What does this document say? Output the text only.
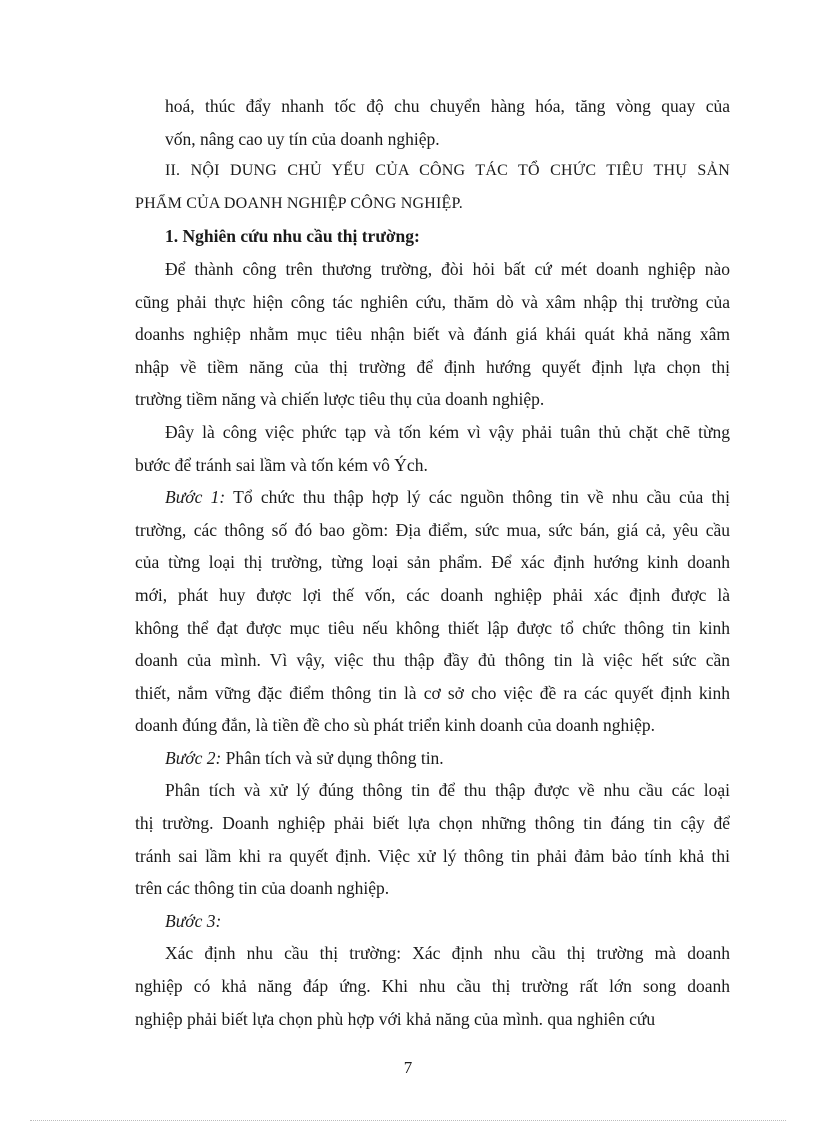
hoá, thúc đẩy nhanh tốc độ chu chuyển hàng hóa, tăng vòng quay của
vốn, nâng cao uy tín của doanh nghiệp.
II. NỘI DUNG CHỦ YẾU CỦA CÔNG TÁC TỔ CHỨC TIÊU THỤ SẢN
PHẨM CỦA DOANH NGHIỆP CÔNG NGHIỆP.
1. Nghiên cứu nhu cầu thị trường:
Để thành công trên thương trường, đòi hỏi bất cứ mét doanh nghiệp nào
cũng phải thực hiện công tác nghiên cứu, thăm dò và xâm nhập thị trường của
doanhs nghiệp nhằm mục tiêu nhận biết và đánh giá khái quát khả năng xâm
nhập về tiềm năng của thị trường để định hướng quyết định lựa chọn thị
trường tiềm năng và chiến lược tiêu thụ của doanh nghiệp.
Đây là công việc phức tạp và tốn kém vì vậy phải tuân thủ chặt chẽ từng
bước để tránh sai lầm và tốn kém vô Ých.
Bước 1: Tổ chức thu thập hợp lý các nguồn thông tin về nhu cầu của thị
trường, các thông số đó bao gồm: Địa điểm, sức mua, sức bán, giá cả, yêu cầu
của từng loại thị trường, từng loại sản phẩm. Để xác định hướng kinh doanh
mới, phát huy được lợi thế vốn, các doanh nghiệp phải xác định được là
không thể đạt được mục tiêu nếu không thiết lập được tổ chức thông tin kinh
doanh của mình. Vì vậy, việc thu thập đầy đủ thông tin là việc hết sức cần
thiết, nắm vững đặc điểm thông tin là cơ sở cho việc đề ra các quyết định kinh
doanh đúng đắn, là tiền đề cho sù phát triển kinh doanh của doanh nghiệp.
Bước 2: Phân tích và sử dụng thông tin.
Phân tích và xử lý đúng thông tin để thu thập được về nhu cầu các loại
thị trường. Doanh nghiệp phải biết lựa chọn những thông tin đáng tin cậy để
tránh sai lầm khi ra quyết định. Việc xử lý thông tin phải đảm bảo tính khả thi
trên các thông tin của doanh nghiệp.
Bước 3:
Xác định nhu cầu thị trường: Xác định nhu cầu thị trường mà doanh
nghiệp có khả năng đáp ứng. Khi nhu cầu thị trường rất lớn song doanh
nghiệp phải biết lựa chọn phù hợp với khả năng của mình. qua nghiên cứu
7
